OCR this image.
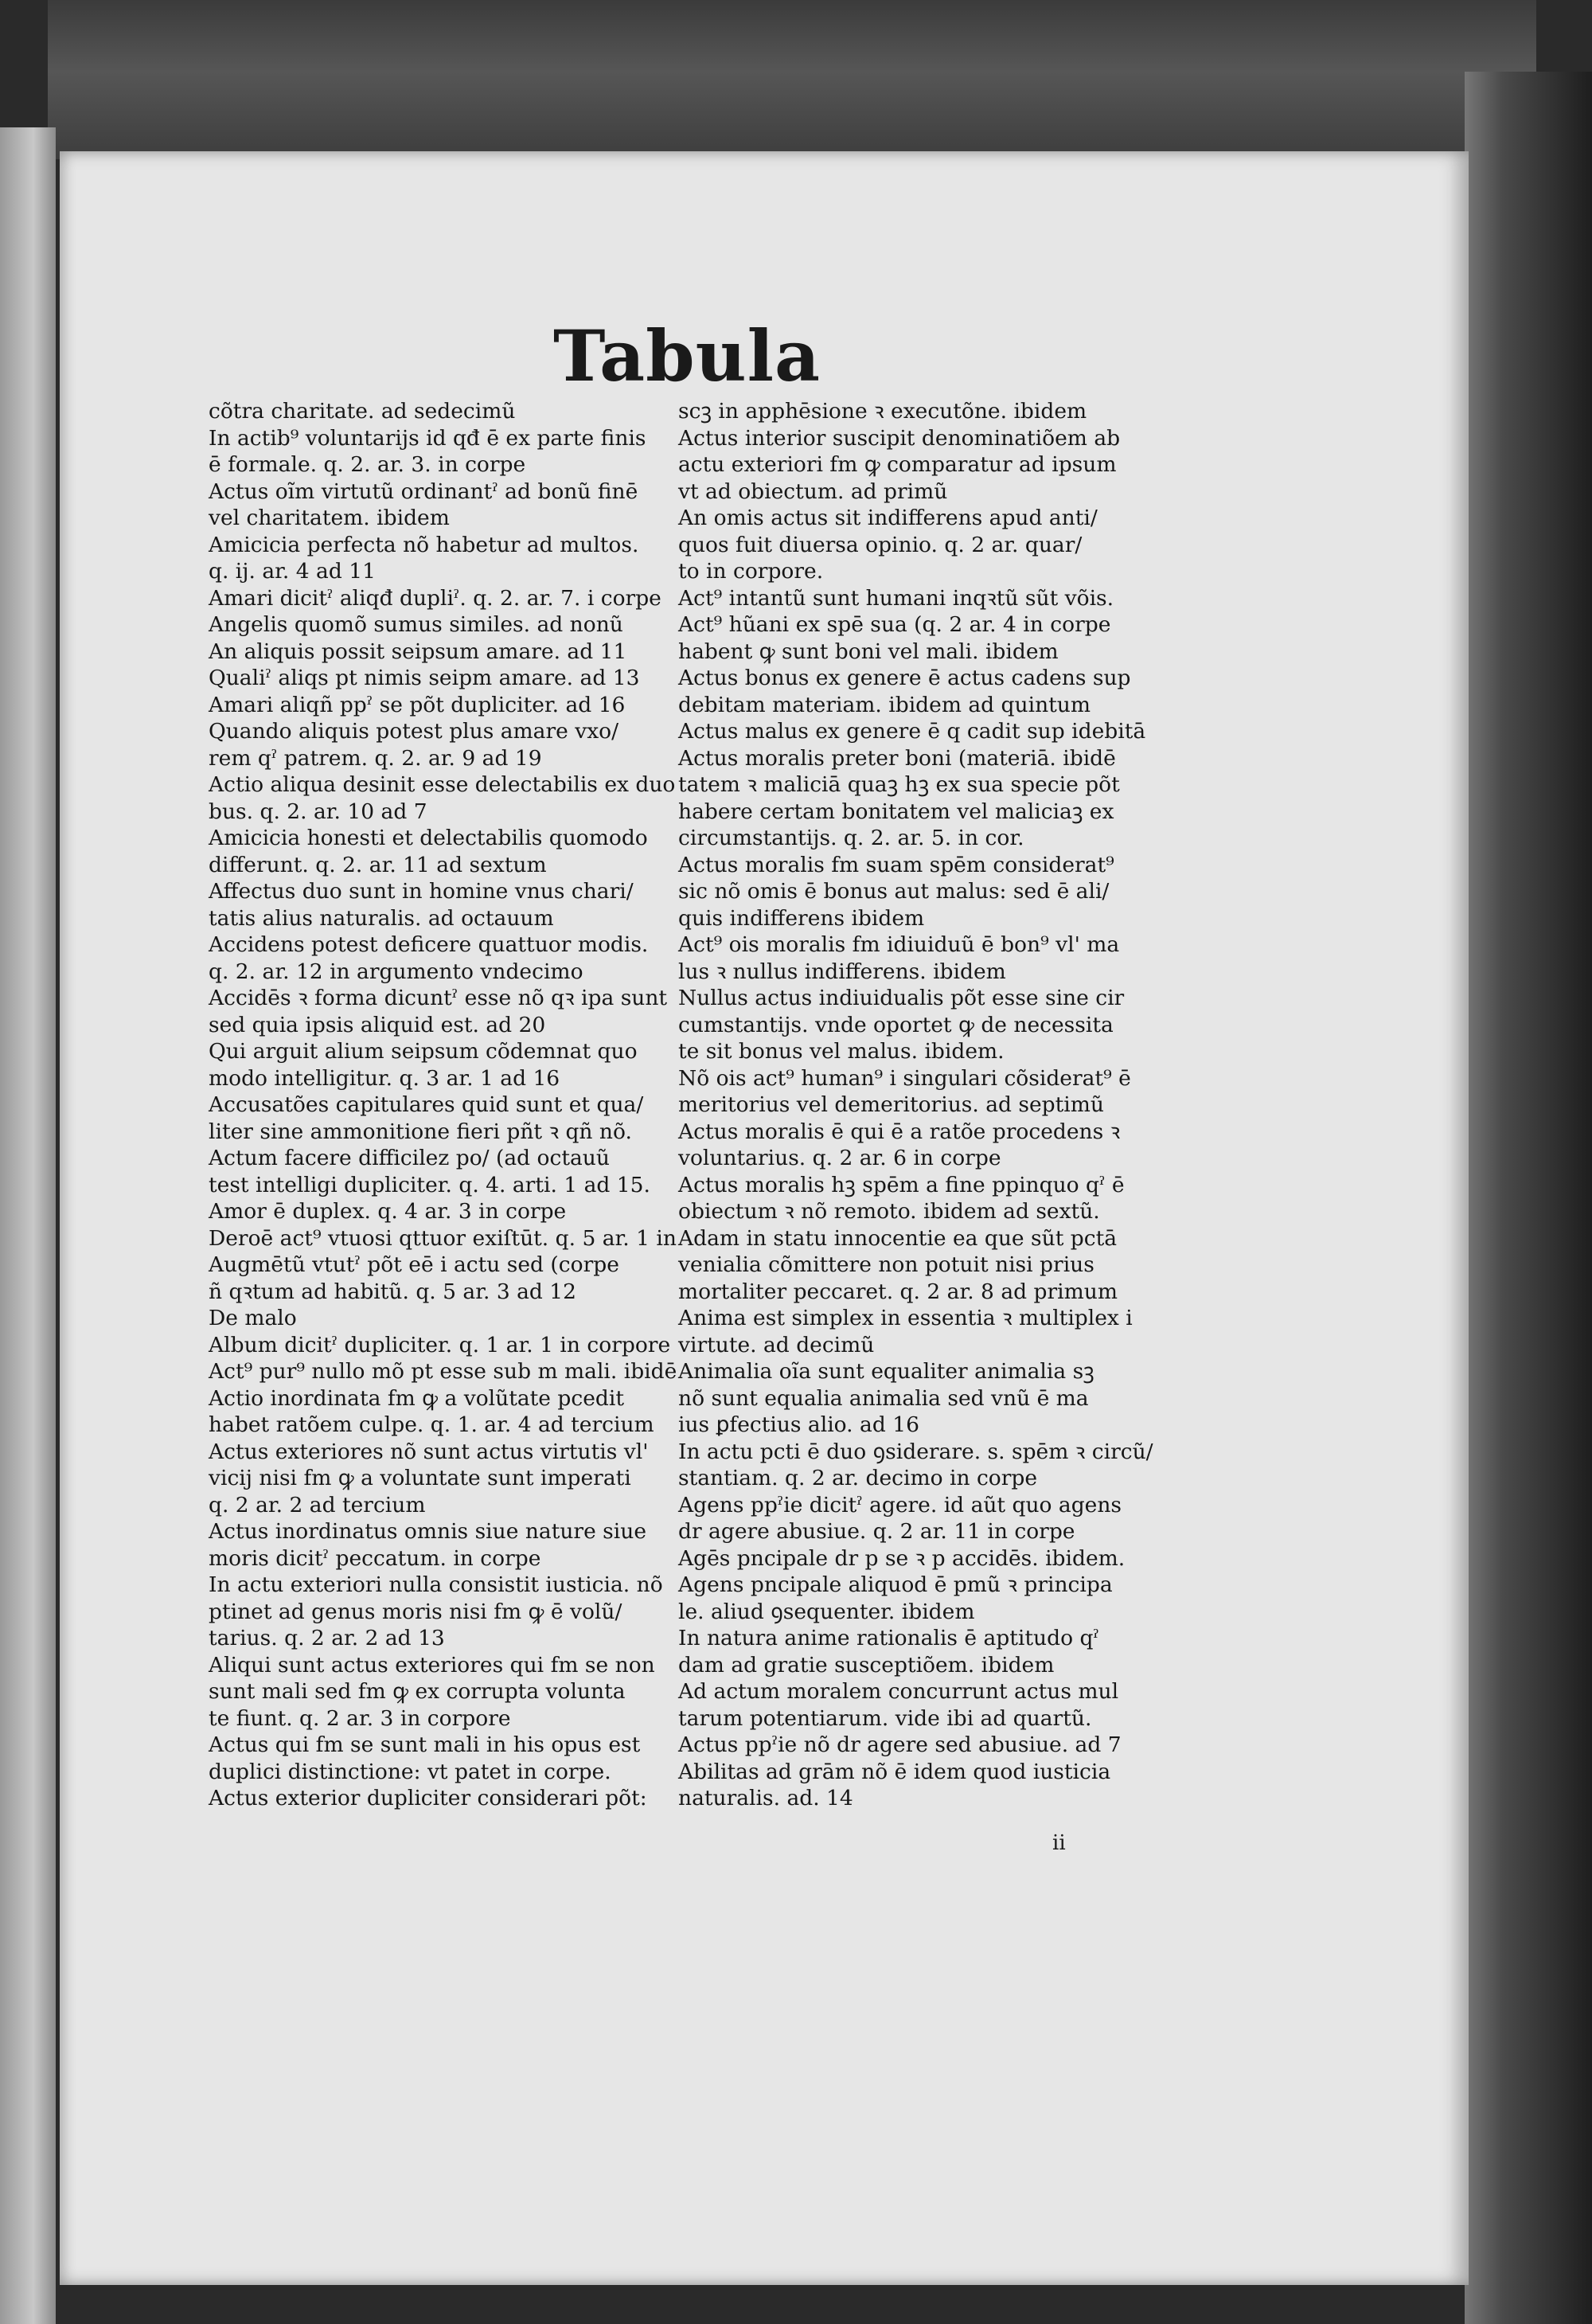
Tabula

cõtra charitate. ad sedecimũ

In actib⁹ voluntarijs id qđ ē ex parte finis

ē formale. q. 2. ar. 3. in corpe

Actus oĩm virtutũ ordinantˀ ad bonũ finē

vel charitatem. ibidem

Amicicia perfecta nõ habetur ad multos.

q. ij. ar. 4 ad 11

Amari dicitˀ aliqđ dupliˀ. q. 2. ar. 7. i corpe

Angelis quomõ sumus similes. ad nonũ

An aliquis possit seipsum amare. ad 11

Qualiˀ aliqs pt nimis seipm amare. ad 13

Amari aliqñ ppˀ se põt dupliciter. ad 16

Quando aliquis potest plus amare vxo/

rem qˀ patrem. q. 2. ar. 9 ad 19

Actio aliqua desinit esse delectabilis ex duo

bus. q. 2. ar. 10 ad 7

Amicicia honesti et delectabilis quomodo

differunt. q. 2. ar. 11 ad sextum

Affectus duo sunt in homine vnus chari/

tatis alius naturalis. ad octauum

Accidens potest deficere quattuor modis.

q. 2. ar. 12 in argumento vndecimo

Accidēs ꝛ forma dicuntˀ esse nõ qꝛ ipa sunt

sed quia ipsis aliquid est. ad 20

Qui arguit alium seipsum cõdemnat quo

modo intelligitur. q. 3 ar. 1 ad 16

Accusatões capitulares quid sunt et qua/

liter sine ammonitione fieri pñt ꝛ qñ nõ.

Actum facere difficilez po/ (ad octauũ

test intelligi dupliciter. q. 4. arti. 1 ad 15.

Amor ē duplex. q. 4 ar. 3 in corpe

Deroē act⁹ vtuosi qttuor exiſtūt. q. 5 ar. 1 in

Augmētũ vtutˀ põt eē i actu sed (corpe

ñ qꝛtum ad habitũ. q. 5 ar. 3 ad 12

De malo

Album dicitˀ dupliciter. q. 1 ar. 1 in corpore

Act⁹ pur⁹ nullo mõ pt esse sub m mali. ibidē

Actio inordinata fm ꝙ a volũtate pcedit

habet ratõem culpe. q. 1. ar. 4 ad tercium

Actus exteriores nõ sunt actus virtutis vl'

vicij nisi fm ꝙ a voluntate sunt imperati

q. 2 ar. 2 ad tercium

Actus inordinatus omnis siue nature siue

moris dicitˀ peccatum. in corpe

In actu exteriori nulla consistit iusticia. nõ

ptinet ad genus moris nisi fm ꝙ ē volũ/

tarius. q. 2 ar. 2 ad 13

Aliqui sunt actus exteriores qui fm se non

sunt mali sed fm ꝙ ex corrupta volunta

te fiunt. q. 2 ar. 3 in corpore

Actus qui fm se sunt mali in his opus est

duplici distinctione: vt patet in corpe.

Actus exterior dupliciter considerari põt:

scꝫ in apphēsione ꝛ executõne. ibidem

Actus interior suscipit denominatiõem ab

actu exteriori fm ꝙ comparatur ad ipsum

vt ad obiectum. ad primũ

An omis actus sit indifferens apud anti/

quos fuit diuersa opinio. q. 2 ar. quar/

to in corpore.

Act⁹ intantũ sunt humani inqꝛtũ sũt võis.

Act⁹ hũani ex spē sua (q. 2 ar. 4 in corpe

habent ꝙ sunt boni vel mali. ibidem

Actus bonus ex genere ē actus cadens sup

debitam materiam. ibidem ad quintum

Actus malus ex genere ē q cadit sup idebitā

Actus moralis preter boni (materiā. ibidē

tatem ꝛ maliciā quaꝫ hꝫ ex sua specie põt

habere certam bonitatem vel maliciaꝫ ex

circumstantijs. q. 2. ar. 5. in cor.

Actus moralis fm suam spēm considerat⁹

sic nõ omis ē bonus aut malus: sed ē ali/

quis indifferens ibidem

Act⁹ ois moralis fm idiuiduũ ē bon⁹ vl' ma

lus ꝛ nullus indifferens. ibidem

Nullus actus indiuidualis põt esse sine cir

cumstantijs. vnde oportet ꝙ de necessita

te sit bonus vel malus. ibidem.

Nõ ois act⁹ human⁹ i singulari cõsiderat⁹ ē

meritorius vel demeritorius. ad septimũ

Actus moralis ē qui ē a ratõe procedens ꝛ

voluntarius. q. 2 ar. 6 in corpe

Actus moralis hꝫ spēm a fine ppinquo qˀ ē

obiectum ꝛ nõ remoto. ibidem ad sextũ.

Adam in statu innocentie ea que sũt pctā

venialia cõmittere non potuit nisi prius

mortaliter peccaret. q. 2 ar. 8 ad primum

Anima est simplex in essentia ꝛ multiplex i

virtute. ad decimũ

Animalia oĩa sunt equaliter animalia sꝫ

nõ sunt equalia animalia sed vnũ ē ma

ius ꝑfectius alio. ad 16

In actu pcti ē duo ꝯsiderare. s. spēm ꝛ circũ/

stantiam. q. 2 ar. decimo in corpe

Agens ppˀie dicitˀ agere. id aũt quo agens

dr agere abusiue. q. 2 ar. 11 in corpe

Agēs pncipale dr p se ꝛ p accidēs. ibidem.

Agens pncipale aliquod ē pmũ ꝛ principa

le. aliud ꝯsequenter. ibidem

In natura anime rationalis ē aptitudo qˀ

dam ad gratie susceptiõem. ibidem

Ad actum moralem concurrunt actus mul

tarum potentiarum. vide ibi ad quartũ.

Actus ppˀie nõ dr agere sed abusiue. ad 7

Abilitas ad grām nõ ē idem quod iusticia

naturalis. ad. 14

ii
